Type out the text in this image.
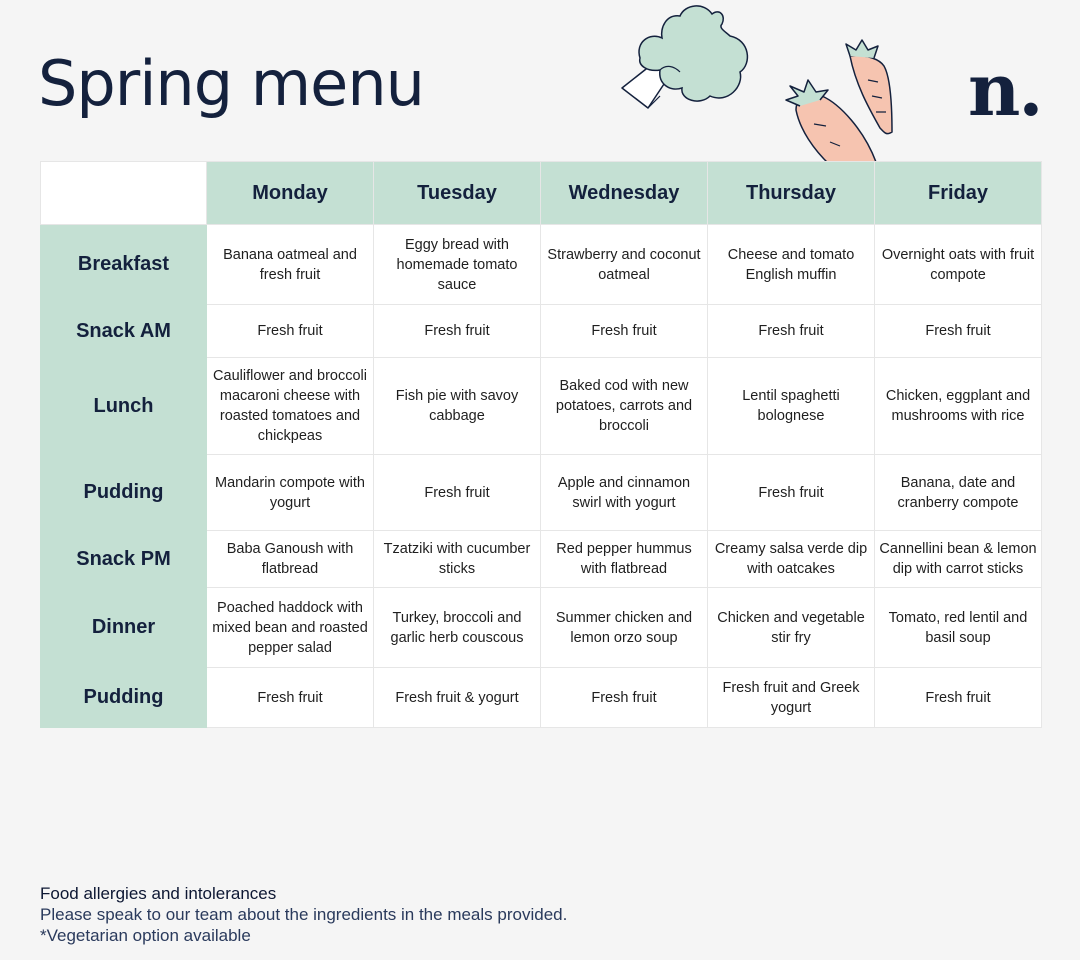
Spring menu	n.
	Monday	Tuesday	Wednesday	Thursday	Friday
Breakfast	Banana oatmeal and fresh fruit	Eggy bread with homemade tomato sauce	Strawberry and coconut oatmeal	Cheese and tomato English muffin	Overnight oats with fruit compote
Snack AM	Fresh fruit	Fresh fruit	Fresh fruit	Fresh fruit	Fresh fruit
Lunch	Cauliflower and broccoli macaroni cheese with roasted tomatoes and chickpeas	Fish pie with savoy cabbage	Baked cod with new potatoes, carrots and broccoli	Lentil spaghetti bolognese	Chicken, eggplant and mushrooms with rice
Pudding	Mandarin compote with yogurt	Fresh fruit	Apple and cinnamon swirl with yogurt	Fresh fruit	Banana, date and cranberry compote
Snack PM	Baba Ganoush with flatbread	Tzatziki with cucumber sticks	Red pepper hummus with flatbread	Creamy salsa verde dip with oatcakes	Cannellini bean & lemon dip with carrot sticks
Dinner	Poached haddock with mixed bean and roasted pepper salad	Turkey, broccoli and garlic herb couscous	Summer chicken and lemon orzo soup	Chicken and vegetable stir fry	Tomato, red lentil and basil soup
Pudding	Fresh fruit	Fresh fruit & yogurt	Fresh fruit	Fresh fruit and Greek yogurt	Fresh fruit
Food allergies and intolerances
Please speak to our team about the ingredients in the meals provided.
*Vegetarian option available
